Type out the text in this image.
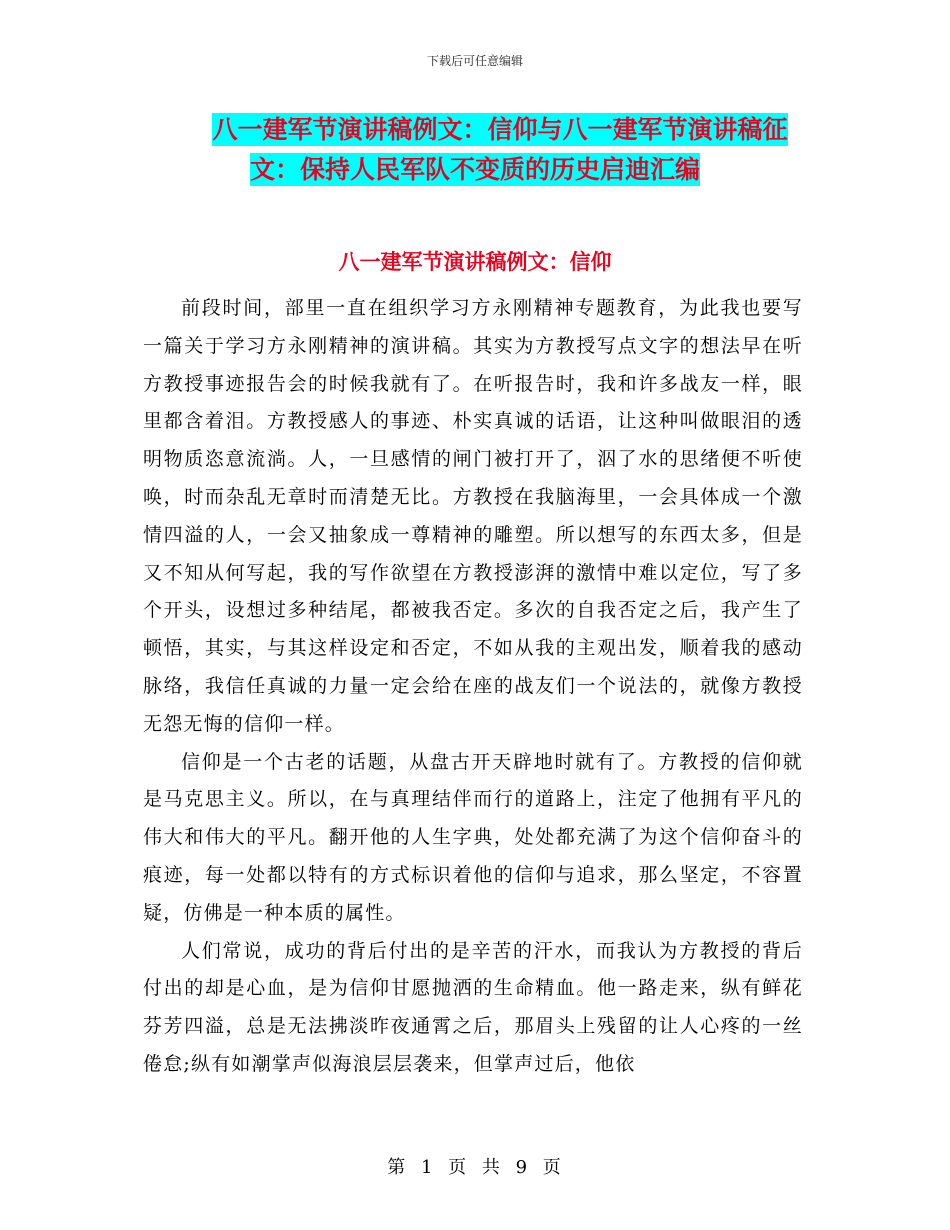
下载后可任意编辑
八一建军节演讲稿例文：信仰与八一建军节演讲稿征
文：保持人民军队不变质的历史启迪汇编
八一建军节演讲稿例文：信仰

前段时间，部里一直在组织学习方永刚精神专题教育，为此我也要写一篇关于学习方永刚精神的演讲稿。其实为方教授写点文字的想法早在听方教授事迹报告会的时候我就有了。在听报告时，我和许多战友一样，眼里都含着泪。方教授感人的事迹、朴实真诚的话语，让这种叫做眼泪的透明物质恣意流淌。人，一旦感情的闸门被打开了，泅了水的思绪便不听使唤，时而杂乱无章时而清楚无比。方教授在我脑海里，一会具体成一个激情四溢的人，一会又抽象成一尊精神的雕塑。所以想写的东西太多，但是又不知从何写起，我的写作欲望在方教授澎湃的激情中难以定位，写了多个开头，设想过多种结尾，都被我否定。多次的自我否定之后，我产生了顿悟，其实，与其这样设定和否定，不如从我的主观出发，顺着我的感动脉络，我信任真诚的力量一定会给在座的战友们一个说法的，就像方教授无怨无悔的信仰一样。

信仰是一个古老的话题，从盘古开天辟地时就有了。方教授的信仰就是马克思主义。所以，在与真理结伴而行的道路上，注定了他拥有平凡的伟大和伟大的平凡。翻开他的人生字典，处处都充满了为这个信仰奋斗的痕迹，每一处都以特有的方式标识着他的信仰与追求，那么坚定，不容置疑，仿佛是一种本质的属性。

人们常说，成功的背后付出的是辛苦的汗水，而我认为方教授的背后付出的却是心血，是为信仰甘愿抛洒的生命精血。他一路走来，纵有鲜花芬芳四溢，总是无法拂淡昨夜通霄之后，那眉头上残留的让人心疼的一丝倦怠;纵有如潮掌声似海浪层层袭来，但掌声过后，他依

第 1 页 共 9 页
